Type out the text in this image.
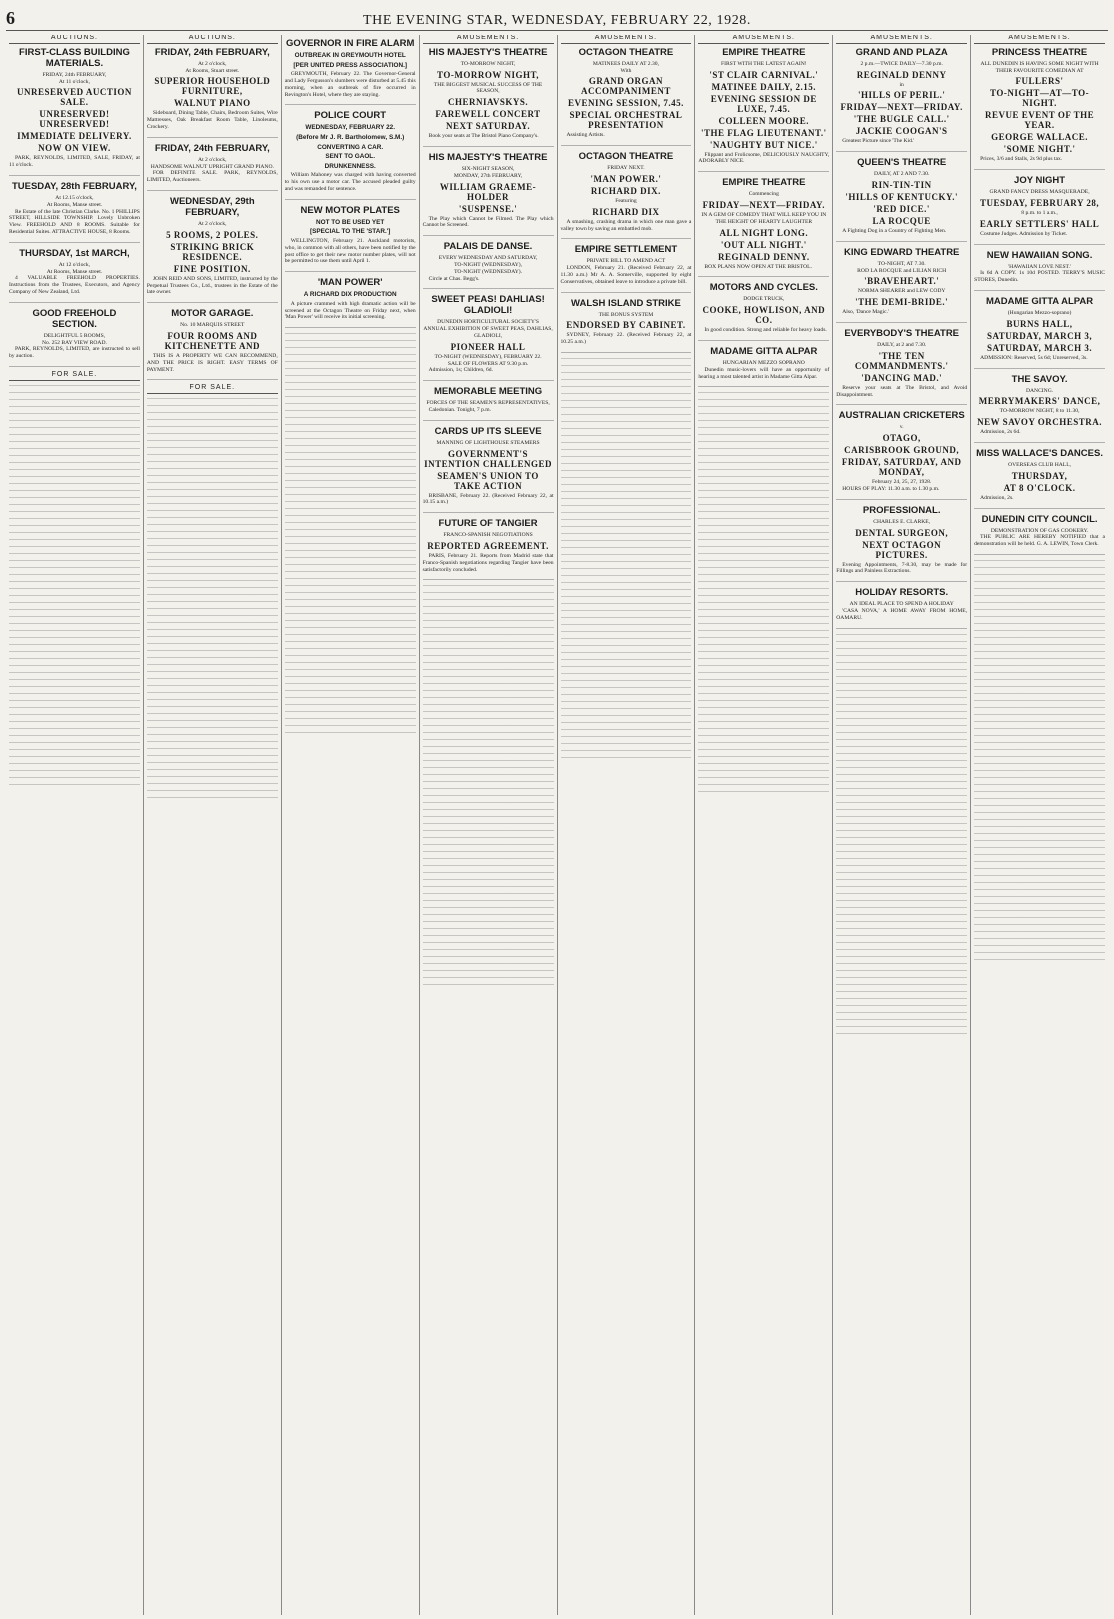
6	THE EVENING STAR, WEDNESDAY, FEBRUARY 22, 1928.
AUCTIONS.
FIRST-CLASS BUILDING MATERIALS.
FRIDAY, 24th FEBRUARY,
At 11 o'clock,
UNRESERVED AUCTION SALE.
UNRESERVED! UNRESERVED!
IMMEDIATE DELIVERY.
NOW ON VIEW.

PARK, REYNOLDS, LIMITED, SALE, FRIDAY, at 11 o'clock.

TUESDAY, 28th FEBRUARY,
At 12.15 o'clock,
At Rooms, Manse street.

Re Estate of the late Christian Clarke. No. 1 PHILLIPS STREET, HILLSIDE TOWNSHIP. Lovely Unbroken View. FREEHOLD AND 8 ROOMS. Suitable for Residential Suites. ATTRACTIVE HOUSE, 8 Rooms.

THURSDAY, 1st MARCH,
At 12 o'clock,
At Rooms, Manse street.

4 VALUABLE FREEHOLD PROPERTIES. Instructions from the Trustees, Executors, and Agency Company of New Zealand, Ltd.

GOOD FREEHOLD SECTION.
DELIGHTFUL 5 ROOMS,
No. 252 BAY VIEW ROAD.

PARK, REYNOLDS, LIMITED, are instructed to sell by auction.

FOR SALE.
AUCTIONS.
FRIDAY, 24th FEBRUARY,
At 2 o'clock,
At Rooms, Stuart street.
SUPERIOR HOUSEHOLD FURNITURE,
WALNUT PIANO

Sideboard, Dining Table, Chairs, Bedroom Suites, Wire Mattresses, Oak Breakfast Room Table, Linoleums, Crockery.

FRIDAY, 24th FEBRUARY,
At 2 o'clock,
HANDSOME WALNUT UPRIGHT GRAND PIANO.

FOR DEFINITE SALE. PARK, REYNOLDS, LIMITED, Auctioneers.

WEDNESDAY, 29th FEBRUARY,
At 2 o'clock,
5 ROOMS, 2 POLES.
STRIKING BRICK RESIDENCE.
FINE POSITION.

JOHN REID AND SONS, LIMITED, instructed by the Perpetual Trustees Co., Ltd., trustees in the Estate of the late owner.

MOTOR GARAGE.
No. 10 MARQUIS STREET
FOUR ROOMS AND KITCHENETTE AND

THIS IS A PROPERTY WE CAN RECOMMEND, AND THE PRICE IS RIGHT. EASY TERMS OF PAYMENT.

FOR SALE.
GOVERNOR IN FIRE ALARM
OUTBREAK IN GREYMOUTH HOTEL
[PER UNITED PRESS ASSOCIATION.]

GREYMOUTH, February 22. The Governor-General and Lady Fergusson's slumbers were disturbed at 5.45 this morning, when an outbreak of fire occurred in Revington's Hotel, where they are staying.

POLICE COURT
WEDNESDAY, FEBRUARY 22.
(Before Mr J. R. Bartholomew, S.M.)
CONVERTING A CAR.
SENT TO GAOL.
DRUNKENNESS.

William Mahoney was charged with having converted to his own use a motor car. The accused pleaded guilty and was remanded for sentence.

NEW MOTOR PLATES
NOT TO BE USED YET
[SPECIAL TO THE 'STAR.']

WELLINGTON, February 21. Auckland motorists, who, in common with all others, have been notified by the post office to get their new motor number plates, will not be permitted to use them until April 1.

'MAN POWER'
A RICHARD DIX PRODUCTION

A picture crammed with high dramatic action will be screened at the Octagon Theatre on Friday next, when 'Man Power' will receive its initial screening.

AMUSEMENTS.
HIS MAJESTY'S THEATRE
TO-MORROW NIGHT,
TO-MORROW NIGHT,
THE BIGGEST MUSICAL SUCCESS OF THE SEASON,
CHERNIAVSKYS.
FAREWELL CONCERT
NEXT SATURDAY.

Book your seats at The Bristol Piano Company's.

HIS MAJESTY'S THEATRE
SIX-NIGHT SEASON,
MONDAY, 27th FEBRUARY,
WILLIAM GRAEME-HOLDER
'SUSPENSE.'

The Play which Cannot be Filmed. The Play which Cannot be Screened.

PALAIS DE DANSE.
EVERY WEDNESDAY AND SATURDAY,
TO-NIGHT (WEDNESDAY),
TO-NIGHT (WEDNESDAY).

Circle at Chas. Begg's.

SWEET PEAS! DAHLIAS! GLADIOLI!
DUNEDIN HORTICULTURAL SOCIETY'S
ANNUAL EXHIBITION OF SWEET PEAS, DAHLIAS, GLADIOLI,
PIONEER HALL
TO-NIGHT (WEDNESDAY), FEBRUARY 22.
SALE OF FLOWERS AT 9.30 p.m.

Admission, 1s; Children, 6d.

MEMORABLE MEETING
FORCES OF THE SEAMEN'S REPRESENTATIVES,

Caledonian. Tonight, 7 p.m.

CARDS UP ITS SLEEVE
MANNING OF LIGHTHOUSE STEAMERS
GOVERNMENT'S INTENTION CHALLENGED
SEAMEN'S UNION TO TAKE ACTION

BRISBANE, February 22. (Received February 22, at 10.15 a.m.)

FUTURE OF TANGIER
FRANCO-SPANISH NEGOTIATIONS
REPORTED AGREEMENT.

PARIS, February 21. Reports from Madrid state that Franco-Spanish negotiations regarding Tangier have been satisfactorily concluded.

AMUSEMENTS.
OCTAGON THEATRE
MATINEES DAILY AT 2.30,
With
GRAND ORGAN ACCOMPANIMENT
EVENING SESSION, 7.45.
SPECIAL ORCHESTRAL PRESENTATION

Assisting Artists.

OCTAGON THEATRE
FRIDAY NEXT.
'MAN POWER.'
RICHARD DIX.
Featuring
RICHARD DIX

A smashing, crashing drama in which one man gave a valley town by saving an embattled mob.

EMPIRE SETTLEMENT
PRIVATE BILL TO AMEND ACT

LONDON, February 21. (Received February 22, at 11.30 a.m.) Mr A. A. Somerville, supported by eight Conservatives, obtained leave to introduce a private bill.

WALSH ISLAND STRIKE
THE BONUS SYSTEM
ENDORSED BY CABINET.

SYDNEY, February 22. (Received February 22, at 10.25 a.m.)

AMUSEMENTS.
EMPIRE THEATRE
FIRST WITH THE LATEST AGAIN!
'ST CLAIR CARNIVAL.'
MATINEE DAILY, 2.15.
EVENING SESSION DE LUXE, 7.45.
COLLEEN MOORE.
'THE FLAG LIEUTENANT.'
'NAUGHTY BUT NICE.'

Flippant and Frolicsome, DELICIOUSLY NAUGHTY, ADORABLY NICE.

EMPIRE THEATRE
Commencing
FRIDAY—NEXT—FRIDAY.
IN A GEM OF COMEDY THAT WILL KEEP YOU IN THE HEIGHT OF HEARTY LAUGHTER
ALL NIGHT LONG.
'OUT ALL NIGHT.'
REGINALD DENNY.

BOX PLANS NOW OPEN AT THE BRISTOL.

MOTORS AND CYCLES.
DODGE TRUCK,
COOKE, HOWLISON, AND CO.

In good condition. Strong and reliable for heavy loads.

MADAME GITTA ALPAR
HUNGARIAN MEZZO SOPRANO

Dunedin music-lovers will have an opportunity of hearing a most talented artist in Madame Gitta Alpar.

AMUSEMENTS.
GRAND AND PLAZA
2 p.m.—TWICE DAILY—7.30 p.m.
REGINALD DENNY
in
'HILLS OF PERIL.'
FRIDAY—NEXT—FRIDAY.
'THE BUGLE CALL.'
JACKIE COOGAN'S

Greatest Picture since 'The Kid.'

QUEEN'S THEATRE
DAILY, AT 2 AND 7.30.
RIN-TIN-TIN
'HILLS OF KENTUCKY.'
'RED DICE.'
LA ROCQUE

A Fighting Dog in a Country of Fighting Men.

KING EDWARD THEATRE
TO-NIGHT, AT 7.30.
ROD LA ROCQUE and LILIAN RICH
'BRAVEHEART.'
NORMA SHEARER and LEW CODY
'THE DEMI-BRIDE.'

Also, 'Dance Magic.'

EVERYBODY'S THEATRE
DAILY, at 2 and 7.30.
'THE TEN COMMANDMENTS.'
'DANCING MAD.'

Reserve your seats at The Bristol, and Avoid Disappointment.

AUSTRALIAN CRICKETERS
v.
OTAGO,
CARISBROOK GROUND,
FRIDAY, SATURDAY, AND MONDAY,
February 24, 25, 27, 1928.

HOURS OF PLAY: 11.30 a.m. to 1.30 p.m.

PROFESSIONAL.
CHARLES E. CLARKE,
DENTAL SURGEON,
NEXT OCTAGON PICTURES.

Evening Appointments, 7-8.30, may be made for Fillings and Painless Extractions.

HOLIDAY RESORTS.
AN IDEAL PLACE TO SPEND A HOLIDAY

'CASA NOVA,' A HOME AWAY FROM HOME, OAMARU.

AMUSEMENTS.
PRINCESS THEATRE
ALL DUNEDIN IS HAVING SOME NIGHT WITH THEIR FAVOURITE COMEDIAN AT
FULLERS'
TO-NIGHT—AT—TO-NIGHT.
REVUE EVENT OF THE YEAR.
GEORGE WALLACE.
'SOME NIGHT.'

Prices, 3/6 and Stalls, 2s 9d plus tax.

JOY NIGHT
GRAND FANCY DRESS MASQUERADE,
TUESDAY, FEBRUARY 28,
8 p.m. to 1 a.m.,
EARLY SETTLERS' HALL

Costume Judges. Admission by Ticket.

NEW HAWAIIAN SONG.
'HAWAIIAN LOVE NEST.'

Is 6d A COPY. 1s 10d POSTED. TERRY'S MUSIC STORES, Dunedin.

MADAME GITTA ALPAR
(Hungarian Mezzo-soprano)
BURNS HALL,
SATURDAY, MARCH 3,
SATURDAY, MARCH 3.

ADMISSION: Reserved, 5s 6d; Unreserved, 3s.

THE SAVOY.
DANCING.
MERRYMAKERS' DANCE,
TO-MORROW NIGHT, 8 to 11.30,
NEW SAVOY ORCHESTRA.

Admission, 2s 6d.

MISS WALLACE'S DANCES.
OVERSEAS CLUB HALL,
THURSDAY,
AT 8 O'CLOCK.

Admission, 2s.

DUNEDIN CITY COUNCIL.
DEMONSTRATION OF GAS COOKERY.

THE PUBLIC ARE HEREBY NOTIFIED that a demonstration will be held. G. A. LEWIN, Town Clerk.
